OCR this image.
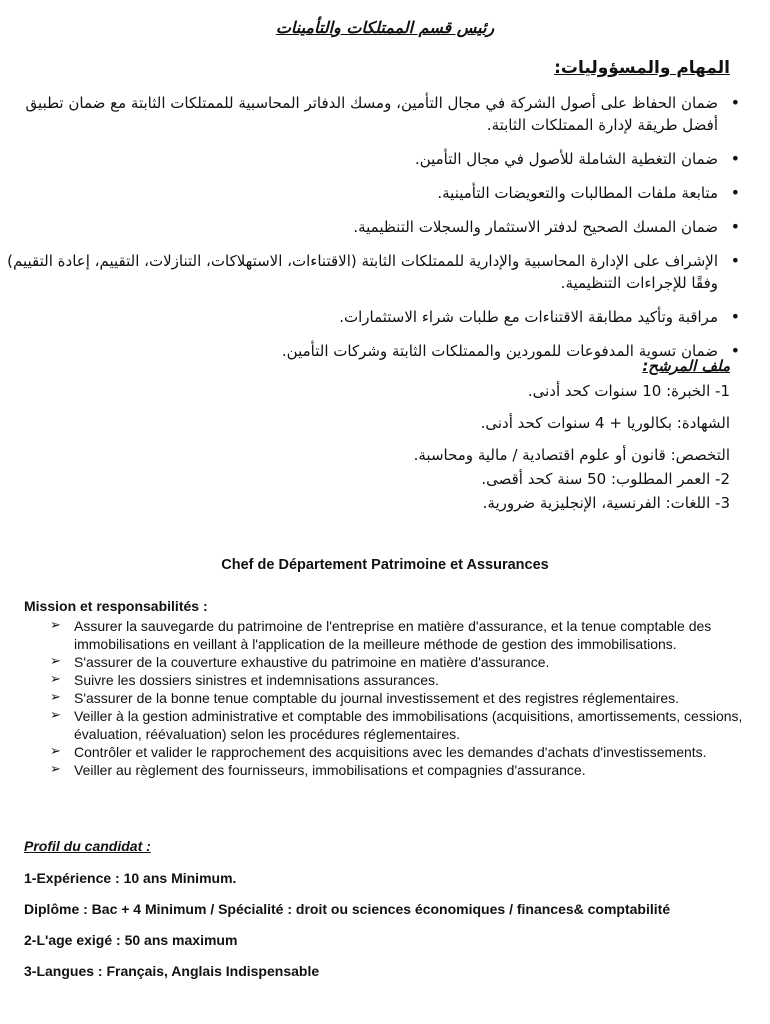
رئيس قسم الممتلكات والتأمينات
المهام والمسؤوليات:
• ضمان الحفاظ على أصول الشركة في مجال التأمين، ومسك الدفاتر المحاسبية للممتلكات الثابتة مع ضمان تطبيق أفضل طريقة لإدارة الممتلكات الثابتة.
• ضمان التغطية الشاملة للأصول في مجال التأمين.
• متابعة ملفات المطالبات والتعويضات التأمينية.
• ضمان المسك الصحيح لدفتر الاستثمار والسجلات التنظيمية.
• الإشراف على الإدارة المحاسبية والإدارية للممتلكات الثابتة (الاقتناءات، الاستهلاكات، التنازلات، التقييم، إعادة التقييم) وفقًا للإجراءات التنظيمية.
• مراقبة وتأكيد مطابقة الاقتناءات مع طلبات شراء الاستثمارات.
• ضمان تسوية المدفوعات للموردين والممتلكات الثابتة وشركات التأمين.

ملف المرشح:

1- الخبرة: 10 سنوات كحد أدنى.

الشهادة: بكالوريا + 4 سنوات كحد أدنى.

التخصص: قانون أو علوم اقتصادية / مالية ومحاسبة.

2- العمر المطلوب: 50 سنة كحد أقصى.

3- اللغات: الفرنسية، الإنجليزية ضرورية.

Chef de Département Patrimoine et Assurances

Mission et responsabilités :

➢ Assurer la sauvegarde du patrimoine de l'entreprise en matière d'assurance, et la tenue comptable des immobilisations en veillant à l'application de la meilleure méthode de gestion des immobilisations.
➢ S'assurer de la couverture exhaustive du patrimoine en matière d'assurance.
➢ Suivre les dossiers sinistres et indemnisations assurances.
➢ S'assurer de la bonne tenue comptable du journal investissement et des registres réglementaires.
➢ Veiller à la gestion administrative et comptable des immobilisations (acquisitions, amortissements, cessions, évaluation, réévaluation) selon les procédures réglementaires.
➢ Contrôler et valider le rapprochement des acquisitions avec les demandes d'achats d'investissements.
➢ Veiller au règlement des fournisseurs, immobilisations et compagnies d'assurance.

Profil du candidat :

1-Expérience : 10 ans Minimum.

Diplôme : Bac + 4 Minimum / Spécialité : droit ou sciences économiques / finances& comptabilité

2-L'age exigé : 50 ans maximum

3-Langues : Français, Anglais Indispensable
